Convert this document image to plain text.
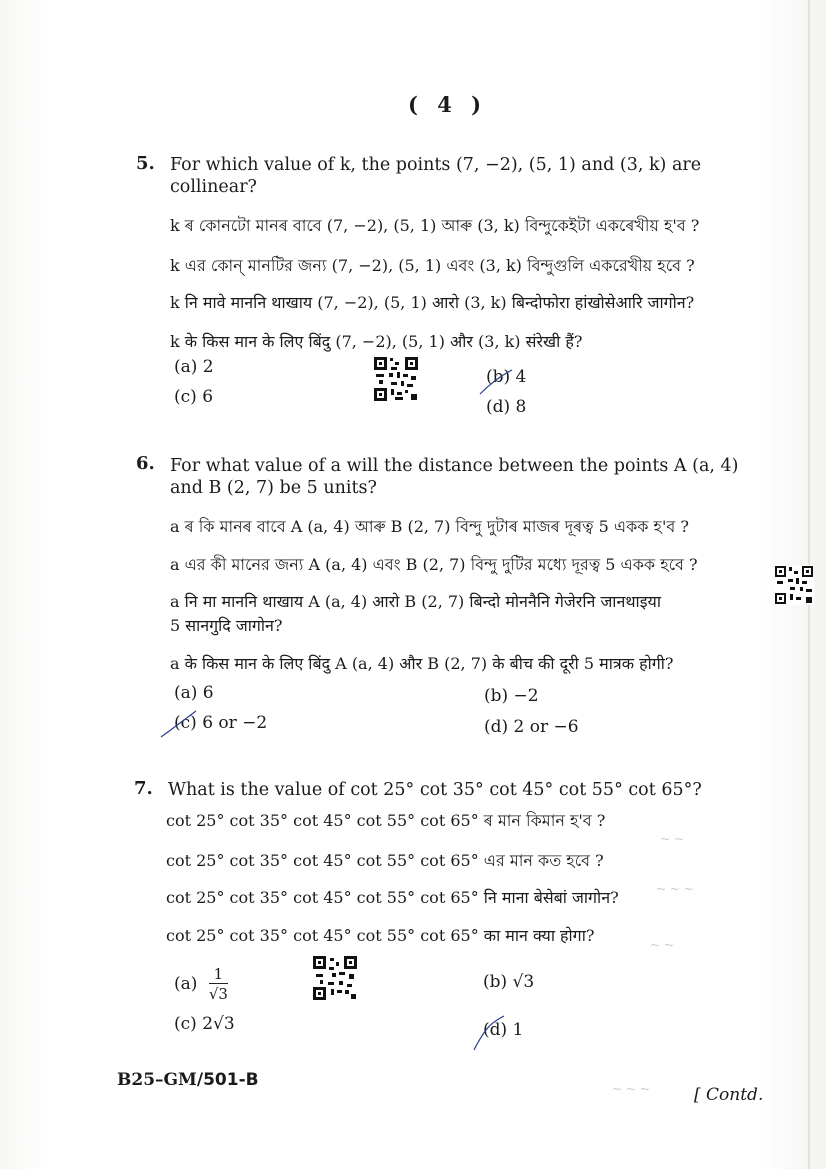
( 4 )
5. For which value of k, the points (7, −2), (5, 1) and (3, k) are
collinear?
k ৰ কোনটো মানৰ বাবে (7, −2), (5, 1) আৰু (3, k) বিন্দুকেইটা একৰেখীয় হ'ব ?
k এর কোন্ মানটির জন্য (7, −2), (5, 1) এবং (3, k) বিন্দুগুলি একরেখীয় হবে ?
k नि मावे माननि थाखाय (7, −2), (5, 1) आरो (3, k) बिन्दोफोरा हांखोसेआरि जागोन?
k के किस मान के लिए बिंदु (7, −2), (5, 1) और (3, k) संरेखी हैं?
(a) 2	(b) 4
(c) 6	(d) 8
6. For what value of a will the distance between the points A (a, 4)
and B (2, 7) be 5 units?
a ৰ কি মানৰ বাবে A (a, 4) আৰু B (2, 7) বিন্দু দুটাৰ মাজৰ দূৰত্ব 5 একক হ'ব ?
a এর কী মানের জন্য A (a, 4) এবং B (2, 7) বিন্দু দুটির মধ্যে দূরত্ব 5 একক হবে ?
a नि मा माननि थाखाय A (a, 4) आरो B (2, 7) बिन्दो मोननैनि गेजेरनि जानथाइया
5 सानगुदि जागोन?
a के किस मान के लिए बिंदु A (a, 4) और B (2, 7) के बीच की दूरी 5 मात्रक होगी?
(a) 6	(b) −2
(c) 6 or −2	(d) 2 or −6
7. What is the value of cot 25° cot 35° cot 45° cot 55° cot 65°?
cot 25° cot 35° cot 45° cot 55° cot 65° ৰ মান কিমান হ'ব ?
cot 25° cot 35° cot 45° cot 55° cot 65° এর মান কত হবে ?
cot 25° cot 35° cot 45° cot 55° cot 65° नि माना बेसेबां जागोन?
cot 25° cot 35° cot 45° cot 55° cot 65° का मान क्या होगा?
$(a) \frac{1}{√3}$	(b) √3
(c) 2√3	(d) 1
~ ~
~ ~ ~
~ ~
~ ~ ~
B25–GM/501-B
[ Contd.
